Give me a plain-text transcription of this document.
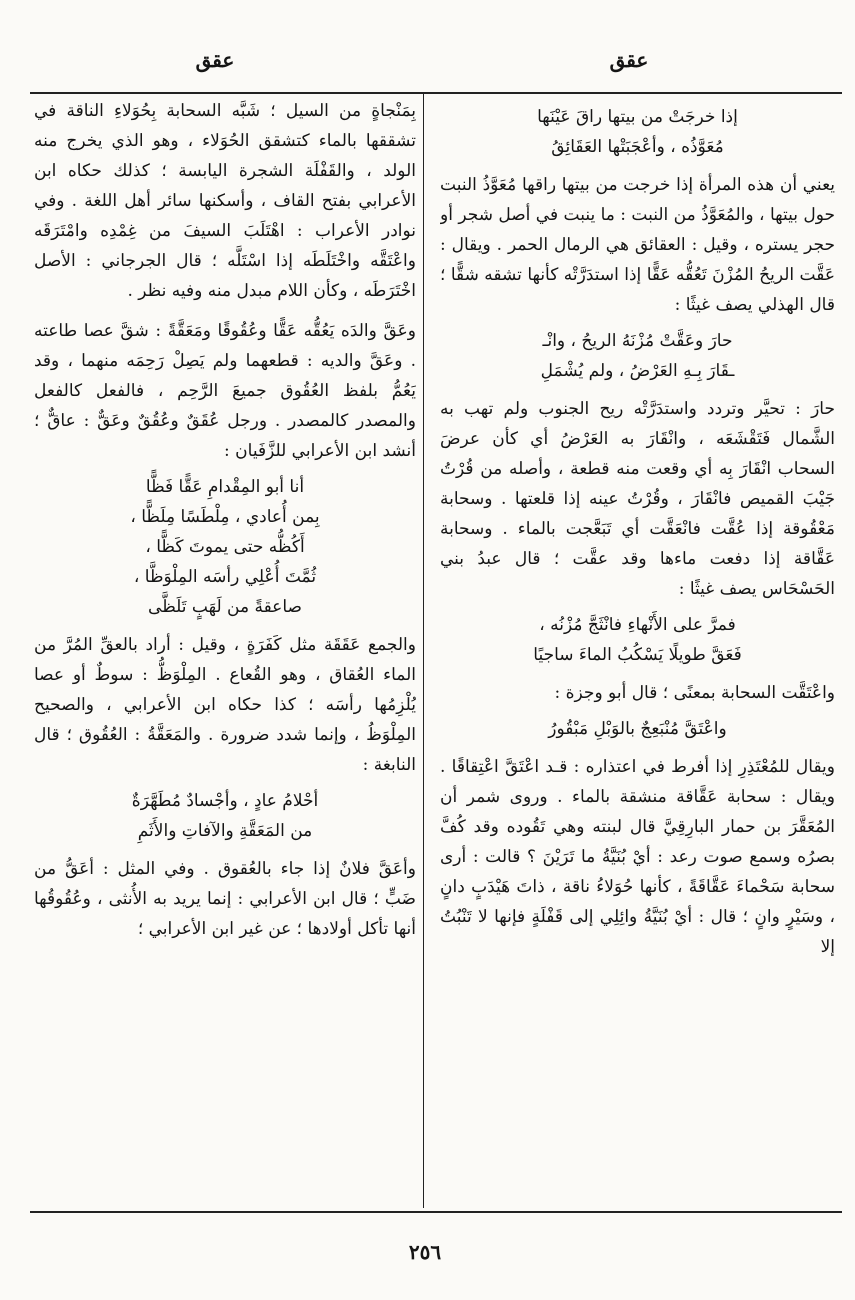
عقق
عقق
إذا خرجَتْ من بيتها راقَ عَيْنَها
مُعَوَّذُه ، وأعْجَبَتْها العَقَائِقُ

يعني أن هذه المرأة إذا خرجت من بيتها راقها مُعَوَّذُ النبت حول بيتها ، والمُعَوَّذُ من النبت : ما ينبت في أصل شجر أو حجر يستره ، وقيل : العقائق هي الرمال الحمر . ويقال : عَقَّت الريحُ المُزْنَ تَعُقُّه عَقًّا إذا استدَرَّتْه كأنها تشقه شقًّا ؛ قال الهذلي يصف غيثًا :

حارَ وعَقَّتْ مُزْنَهُ الريحُ ، وانْـ
ـقَارَ بِـهِ العَرْضُ ، ولم يُشْمَلِ

حارَ : تحيَّر وتردد واستدَرَّتْه ريح الجنوب ولم تهب به الشَّمال فَتَقْشَعَه ، وانْقَارَ به العَرْضُ أي كأن عرضَ السحاب انْقَارَ بِه أي وقعت منه قطعة ، وأصله من قُرْتُ جَيْبَ القميص فانْقَارَ ، وقُرْتُ عينه إذا قلعتها . وسحابة مَعْقُوقة إذا عُقَّت فانْعَقَّت أي تَبَعَّجت بالماء . وسحابة عَقَّاقة إذا دفعت ماءها وقد عقَّت ؛ قال عبدُ بني الحَسْحَاس يصف غيثًا :

فمرَّ على الأَنْهاءِ فانْثَجَّ مُزْنُه ،
فَعَقَّ طويلًا يَسْكُبُ الماءَ ساجيًا

واعْتَقَّت السحابة بمعنًى ؛ قال أبو وجزة :

واعْتَقَّ مُنْبَعِجٌ بالوَبْلِ مَبْقُورُ

ويقال للمُعْتَذِرِ إذا أفرط في اعتذاره : قـد اعْتَقَّ اعْتِقاقًا . ويقال : سحابة عَقَّاقة منشقة بالماء . وروى شمر أن المُعَقَّرَ بن حمار البارِقِيَّ قال لبنته وهي تَقُوده وقد كُفَّ بصرُه وسمع صوت رعد : أيْ بُنَيَّةُ ما تَرَيْنَ ؟ قالت : أرى سحابة سَحْماءَ عَقَّاقَةً ، كأنها حُوَلاءُ ناقة ، ذاتَ هَيْدَبٍ دانٍ ، وسَيْرٍ وانٍ ؛ قال : أيْ بُنَيَّةُ وائِلِي إلى قَفْلَةٍ فإنها لا تَنْبُتُ إلا

بِمَنْجاةٍ من السيل ؛ شَبَّه السحابة بِحُوَلاءِ الناقة في تشققها بالماء كتشقق الحُوَلاء ، وهو الذي يخرج منه الولد ، والقَفْلَة الشجرة اليابسة ؛ كذلك حكاه ابن الأعرابي بفتح القاف ، وأسكنها سائر أهل اللغة . وفي نوادر الأعراب : اهْتَلَبَ السيفَ من غِمْدِه وامْتَرَقَه واعْتَقَّه واخْتَلَطَه إذا اسْتَلَّه ؛ قال الجرجاني : الأصل اخْتَرَطَه ، وكأن اللام مبدل منه وفيه نظر .

وعَقَّ والدَه يَعُقُّه عَقًّا وعُقُوقًا ومَعَقَّةً : شقَّ عصا طاعته . وعَقَّ والديه : قطعهما ولم يَصِلْ رَحِمَه منهما ، وقد يَعُمُّ بلفظ العُقُوق جميعَ الرَّحِم ، فالفعل كالفعل والمصدر كالمصدر . ورجل عُقَقٌ وعُقُقٌ وعَقٌّ : عاقٌّ ؛ أنشد ابن الأعرابي للزَّفَيان :

أنا أبو المِقْدامِ عَقًّا فَظًّا
بِمن أُعادي ، مِلْطَسًا مِلَظًّا ،
أَكُظُّه حتى يموتَ كَظًّا ،
ثُمَّتَ أُعْلِي رأسَه المِلْوَظَّا ،
صاعقةً من لَهَبٍ تَلَظَّى

والجمع عَقَقَة مثل كَفَرَةٍ ، وقيل : أراد بالعقِّ المُرَّ من الماء العُقاق ، وهو القُعاع . المِلْوَظُّ : سوطٌ أو عصا يُلْزِمُها رأسَه ؛ كذا حكاه ابن الأعرابي ، والصحيح المِلْوَظُ ، وإنما شدد ضرورة . والمَعَقَّةُ : العُقُوق ؛ قال النابغة :

أحْلامُ عادٍ ، وأجْسادٌ مُطَهَّرَةٌ
من المَعَقَّةِ والآفاتِ والأَثَمِ

وأعَقَّ فلانٌ إذا جاء بالعُقوق . وفي المثل : أعَقُّ من ضَبٍّ ؛ قال ابن الأعرابي : إنما يريد به الأُنثى ، وعُقُوقُها أنها تأكل أولادها ؛ عن غير ابن الأعرابي ؛

٢٥٦
